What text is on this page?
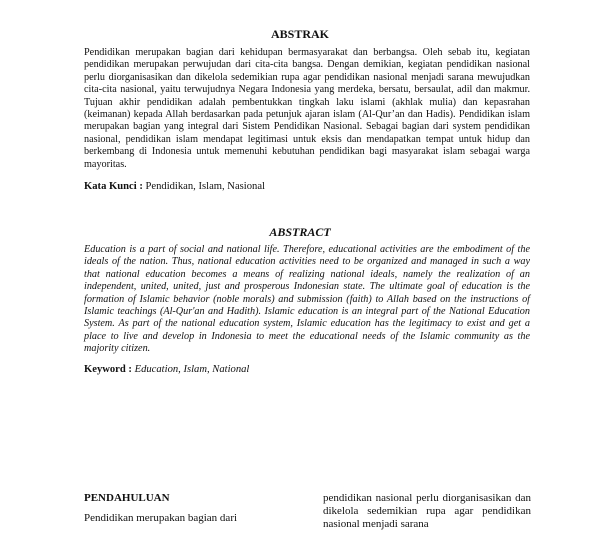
ABSTRAK

Pendidikan merupakan bagian dari kehidupan bermasyarakat dan berbangsa. Oleh sebab itu, kegiatan pendidikan merupakan perwujudan dari cita-cita bangsa. Dengan demikian, kegiatan pendidikan nasional perlu diorganisasikan dan dikelola sedemikian rupa agar pendidikan nasional menjadi sarana mewujudkan cita-cita nasional, yaitu terwujudnya Negara Indonesia yang merdeka, bersatu, bersaulat, adil dan makmur. Tujuan akhir pendidikan adalah pembentukkan tingkah laku islami (akhlak mulia) dan kepasrahan (keimanan) kepada Allah berdasarkan pada petunjuk ajaran islam (Al-Qur’an dan Hadis). Pendidikan islam merupakan bagian yang integral dari Sistem Pendidikan Nasional. Sebagai bagian dari system pendidikan nasional, pendidikan islam mendapat legitimasi untuk eksis dan mendapatkan tempat untuk hidup dan berkembang di Indonesia untuk memenuhi kebutuhan pendidikan bagi masyarakat islam sebagai warga mayoritas.

Kata Kunci : Pendidikan, Islam, Nasional

ABSTRACT

Education is a part of social and national life. Therefore, educational activities are the embodiment of the ideals of the nation. Thus, national education activities need to be organized and managed in such a way that national education becomes a means of realizing national ideals, namely the realization of an independent, united, united, just and prosperous Indonesian state. The ultimate goal of education is the formation of Islamic behavior (noble morals) and submission (faith) to Allah based on the instructions of Islamic teachings (Al-Qur'an and Hadith). Islamic education is an integral part of the National Education System. As part of the national education system, Islamic education has the legitimacy to exist and get a place to live and develop in Indonesia to meet the educational needs of the Islamic community as the majority citizen.

Keyword : Education, Islam, National

PENDAHULUAN

Pendidikan merupakan bagian dari

pendidikan nasional perlu diorganisasikan dan dikelola sedemikian rupa agar pendidikan nasional menjadi sarana
